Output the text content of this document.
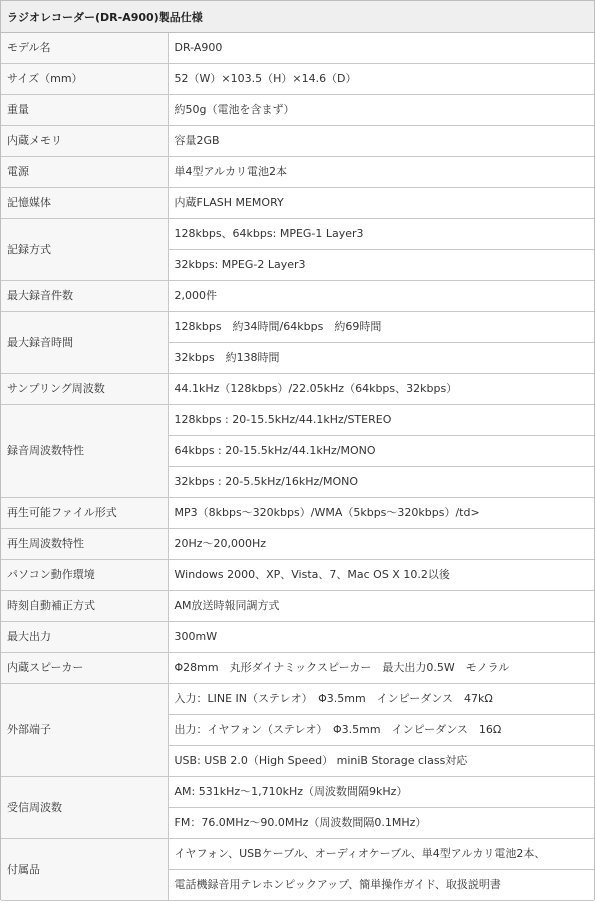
ラジオレコーダー(DR-A900)製品仕様
モデル名	DR-A900
サイズ（mm）	52（W）×103.5（H）×14.6（D）
重量	約50g（電池を含まず）
内蔵メモリ	容量2GB
電源	単4型アルカリ電池2本
記憶媒体	内蔵FLASH MEMORY
記録方式	128kbps、64kbps: MPEG-1 Layer3
	32kbps: MPEG-2 Layer3
最大録音件数	2,000件
最大録音時間	128kbps　約34時間/64kbps　約69時間
	32kbps　約138時間
サンプリング周波数	44.1kHz（128kbps）/22.05kHz（64kbps、32kbps）
録音周波数特性	128kbps : 20-15.5kHz/44.1kHz/STEREO
	64kbps : 20-15.5kHz/44.1kHz/MONO
	32kbps : 20-5.5kHz/16kHz/MONO
再生可能ファイル形式	MP3（8kbps～320kbps）/WMA（5kbps～320kbps）/td>
再生周波数特性	20Hz～20,000Hz
パソコン動作環境	Windows 2000、XP、Vista、7、Mac OS X 10.2以後
時刻自動補正方式	AM放送時報同調方式
最大出力	300mW
内蔵スピーカー	Φ28mm　丸形ダイナミックスピーカー　最大出力0.5W　モノラル
外部端子	入力：LINE IN（ステレオ）　Φ3.5mm　インピーダンス　47kΩ
	出力：イヤフォン（ステレオ）　Φ3.5mm　インピーダンス　16Ω
	USB: USB 2.0（High Speed） miniB Storage class対応
受信周波数	AM: 531kHz～1,710kHz（周波数間隔9kHz）
	FM：76.0MHz～90.0MHz（周波数間隔0.1MHz）
付属品	イヤフォン、USBケーブル、オーディオケーブル、単4型アルカリ電池2本、
	電話機録音用テレホンピックアップ、簡単操作ガイド、取扱説明書
